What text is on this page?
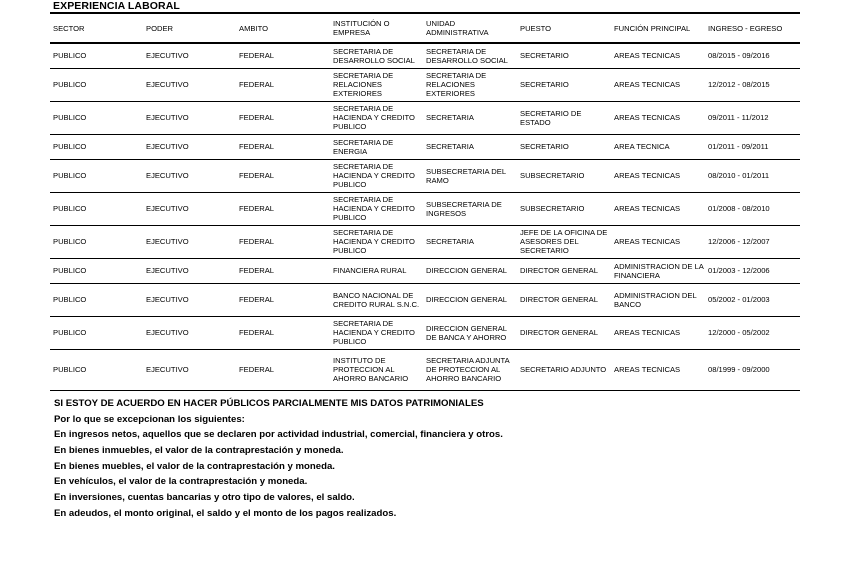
EXPERIENCIA LABORAL
SECTOR	PODER	AMBITO	INSTITUCIÓN O EMPRESA	UNIDAD ADMINISTRATIVA	PUESTO	FUNCIÓN PRINCIPAL	INGRESO - EGRESO
PUBLICO	EJECUTIVO	FEDERAL	SECRETARIA DE DESARROLLO SOCIAL	SECRETARIA DE DESARROLLO SOCIAL	SECRETARIO	AREAS TECNICAS	08/2015 - 09/2016
PUBLICO	EJECUTIVO	FEDERAL	SECRETARIA DE RELACIONES EXTERIORES	SECRETARIA DE RELACIONES EXTERIORES	SECRETARIO	AREAS TECNICAS	12/2012 - 08/2015
PUBLICO	EJECUTIVO	FEDERAL	SECRETARIA DE HACIENDA Y CREDITO PUBLICO	SECRETARIA	SECRETARIO DE ESTADO	AREAS TECNICAS	09/2011 - 11/2012
PUBLICO	EJECUTIVO	FEDERAL	SECRETARIA DE ENERGIA	SECRETARIA	SECRETARIO	AREA TECNICA	01/2011 - 09/2011
PUBLICO	EJECUTIVO	FEDERAL	SECRETARIA DE HACIENDA Y CREDITO PUBLICO	SUBSECRETARIA DEL RAMO	SUBSECRETARIO	AREAS TECNICAS	08/2010 - 01/2011
PUBLICO	EJECUTIVO	FEDERAL	SECRETARIA DE HACIENDA Y CREDITO PUBLICO	SUBSECRETARIA DE INGRESOS	SUBSECRETARIO	AREAS TECNICAS	01/2008 - 08/2010
PUBLICO	EJECUTIVO	FEDERAL	SECRETARIA DE HACIENDA Y CREDITO PUBLICO	SECRETARIA	JEFE DE LA OFICINA DE ASESORES DEL SECRETARIO	AREAS TECNICAS	12/2006 - 12/2007
PUBLICO	EJECUTIVO	FEDERAL	FINANCIERA RURAL	DIRECCION GENERAL	DIRECTOR GENERAL	ADMINISTRACION DE LA FINANCIERA	01/2003 - 12/2006
PUBLICO	EJECUTIVO	FEDERAL	BANCO NACIONAL DE CREDITO RURAL S.N.C.	DIRECCION GENERAL	DIRECTOR GENERAL	ADMINISTRACION DEL BANCO	05/2002 - 01/2003
PUBLICO	EJECUTIVO	FEDERAL	SECRETARIA DE HACIENDA Y CREDITO PUBLICO	DIRECCION GENERAL DE BANCA Y AHORRO	DIRECTOR GENERAL	AREAS TECNICAS	12/2000 - 05/2002
PUBLICO	EJECUTIVO	FEDERAL	INSTITUTO DE PROTECCION AL AHORRO BANCARIO	SECRETARIA ADJUNTA DE PROTECCION AL AHORRO BANCARIO	SECRETARIO ADJUNTO	AREAS TECNICAS	08/1999 - 09/2000
SI ESTOY DE ACUERDO EN HACER PÚBLICOS PARCIALMENTE MIS DATOS PATRIMONIALES
Por lo que se excepcionan los siguientes:
En ingresos netos, aquellos que se declaren por actividad industrial, comercial, financiera y otros.
En bienes inmuebles, el valor de la contraprestación y moneda.
En bienes muebles, el valor de la contraprestación y moneda.
En vehículos, el valor de la contraprestación y moneda.
En inversiones, cuentas bancarias y otro tipo de valores, el saldo.
En adeudos, el monto original, el saldo y el monto de los pagos realizados.
